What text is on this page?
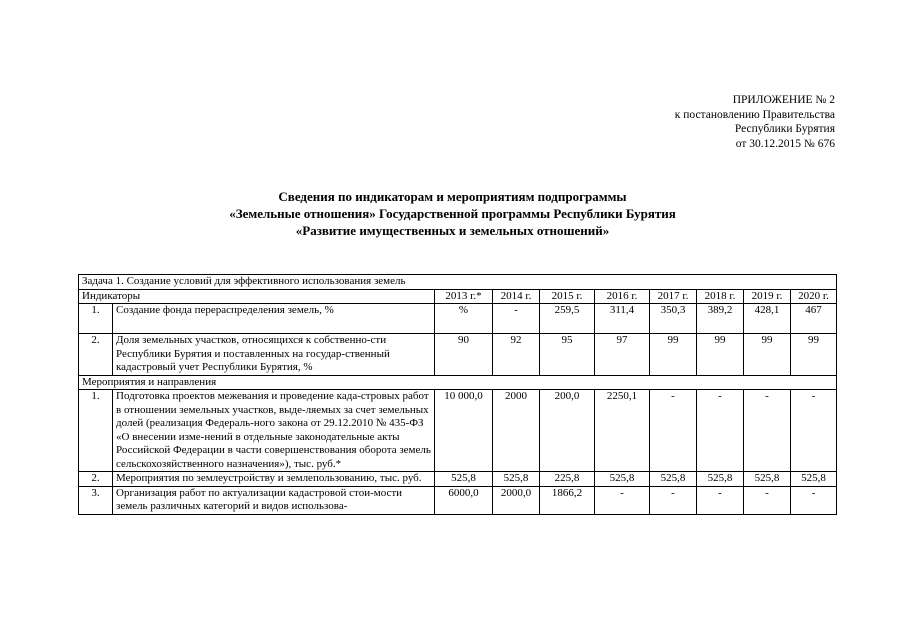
ПРИЛОЖЕНИЕ № 2
к постановлению Правительства
Республики Бурятия
от 30.12.2015 № 676
Сведения по индикаторам и мероприятиям подпрограммы
«Земельные отношения» Государственной программы Республики Бурятия
«Развитие имущественных и земельных отношений»
Задача 1. Создание условий для эффективного использования земель									
Индикаторы		2013 г.*	2014 г.	2015 г.	2016 г.	2017 г.	2018 г.	2019 г.	2020 г.
1.	Создание фонда перераспределения земель, %	%	-	259,5	311,4	350,3	389,2	428,1	467
2.	Доля земельных участков, относящихся к собственно-сти Республики Бурятия и поставленных на государ-ственный кадастровый учет Республики Бурятия, %	90	92	95	97	99	99	99	99
Мероприятия и направления									
1.	Подготовка проектов межевания и проведение када-стровых работ в отношении земельных участков, выде-ляемых за счет земельных долей (реализация Федераль-ного закона от 29.12.2010 № 435-ФЗ «О внесении изме-нений в отдельные законодательные акты Российской Федерации в части совершенствования оборота земель сельскохозяйственного назначения»), тыс. руб.*	10 000,0	2000	200,0	2250,1	-	-	-	-
2.	Мероприятия по землеустройству и землепользованию, тыс. руб.	525,8	525,8	225,8	525,8	525,8	525,8	525,8	525,8
3.	Организация работ по актуализации кадастровой стои-мости земель различных категорий и видов использова-	6000,0	2000,0	1866,2	-	-	-	-	-
